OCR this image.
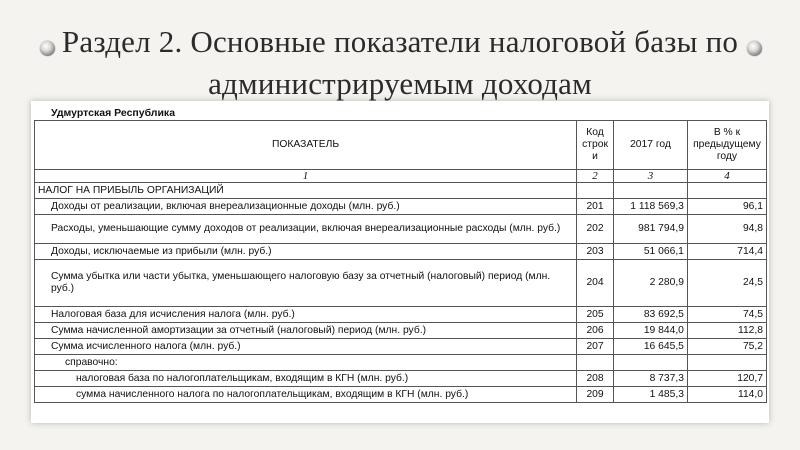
Раздел 2. Основные показатели налоговой базы по
администрируемым доходам
Удмуртская Республика
ПОКАЗАТЕЛЬ	Код строк и	2017 год	В % к предыдущему году
1	2	3	4
НАЛОГ НА ПРИБЫЛЬ ОРГАНИЗАЦИЙ			
Доходы от реализации, включая внереализационные доходы (млн. руб.)	201	1 118 569,3	96,1
Расходы, уменьшающие сумму доходов от реализации, включая внереализационные расходы (млн. руб.)	202	981 794,9	94,8
Доходы, исключаемые из прибыли (млн. руб.)	203	51 066,1	714,4
Сумма убытка или части убытка, уменьшающего налоговую базу за отчетный (налоговый) период (млн. руб.)	204	2 280,9	24,5
Налоговая база для исчисления налога (млн. руб.)	205	83 692,5	74,5
Сумма начисленной амортизации за отчетный (налоговый) период (млн. руб.)	206	19 844,0	112,8
Сумма исчисленного налога (млн. руб.)	207	16 645,5	75,2
справочно:			
налоговая база по налогоплательщикам, входящим в КГН (млн. руб.)	208	8 737,3	120,7
сумма начисленного налога по налогоплательщикам, входящим в КГН (млн. руб.)	209	1 485,3	114,0
